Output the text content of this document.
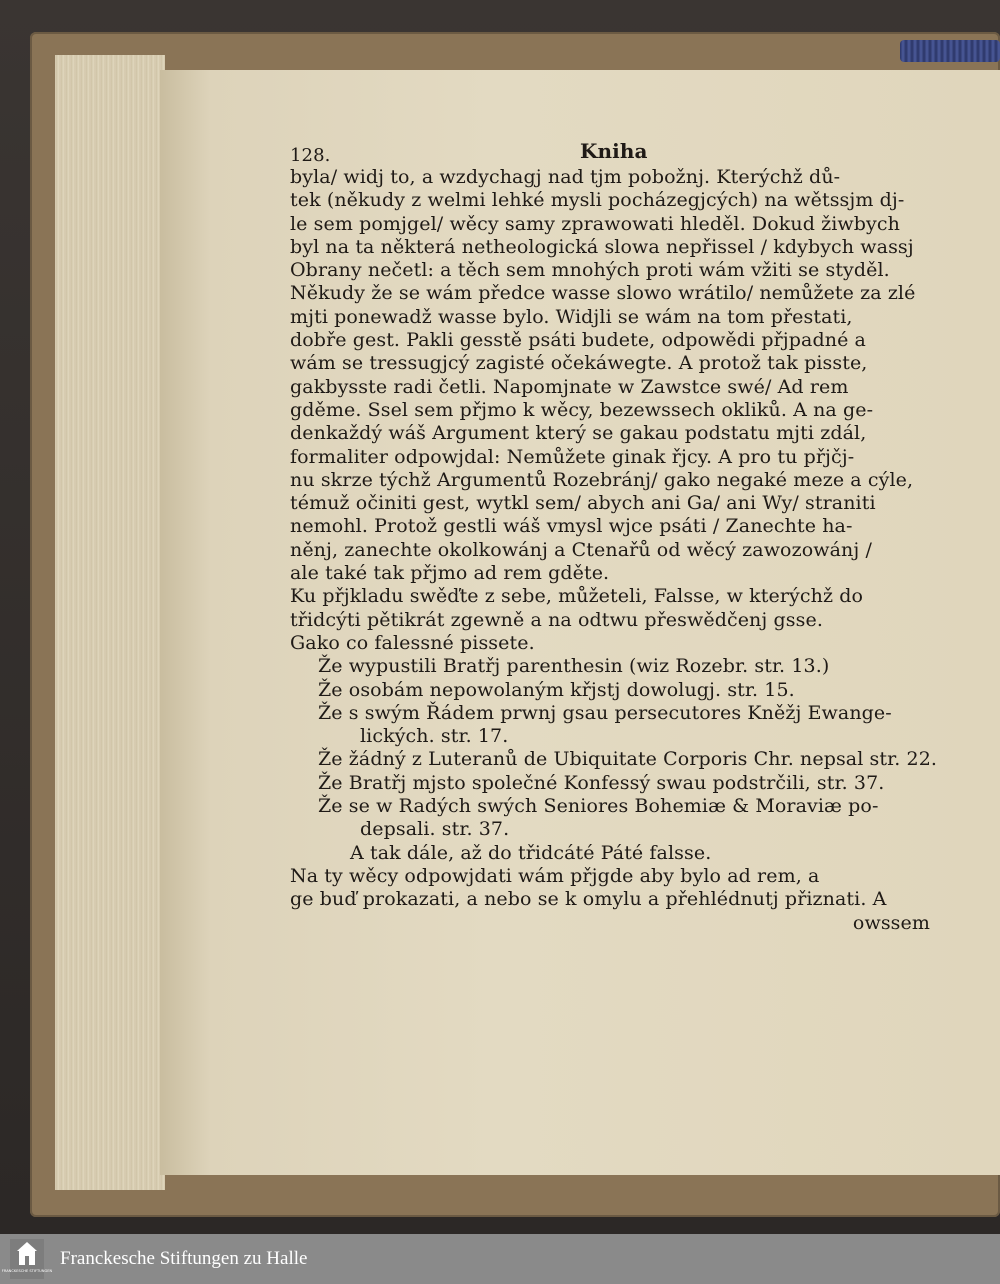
128.	Kniha
byla/ widj to, a wzdychagj nad tjm pobožnj. Kterýchž dů-
tek (někudy z welmi lehké mysli pocházegjcých) na wětssjm dj-
le sem pomjgel/ wěcy samy zprawowati hleděl. Dokud žiwbych
byl na ta některá netheologická slowa nepřissel / kdybych wassj
Obrany nečetl: a těch sem mnohých proti wám vžiti se styděl.
Někudy že se wám předce wasse slowo wrátilo/ nemůžete za zlé
mjti ponewadž wasse bylo. Widjli se wám na tom přestati,
dobře gest. Pakli gesstě psáti budete, odpowědi přjpadné a
wám se tressugjcý zagisté očekáwegte. A protož tak pisste,
gakbysste radi četli. Napomjnate w Zawstce swé/ Ad rem
gděme. Ssel sem přjmo k wěcy, bezewssech okliků. A na ge-
denkaždý wáš Argument který se gakau podstatu mjti zdál,
formaliter odpowjdal: Nemůžete ginak řjcy. A pro tu přjčj-
nu skrze týchž Argumentů Rozebránj/ gako negaké meze a cýle,
témuž očiniti gest, wytkl sem/ abych ani Ga/ ani Wy/ straniti
nemohl. Protož gestli wáš vmysl wjce psáti / Zanechte ha-
něnj, zanechte okolkowánj a Ctenařů od wěcý zawozowánj /
ale také tak přjmo ad rem gděte.
Ku přjkladu swěďte z sebe, můžeteli, Falsse, w kterýchž do
třidcýti pětikrát zgewně a na odtwu přeswědčenj gsse.
Gako co falessné pissete.
Že wypustili Bratřj parenthesin (wiz Rozebr. str. 13.)
Že osobám nepowolaným křjstj dowolugj. str. 15.
Že s swým Řádem prwnj gsau persecutores Kněžj Ewange-
lických. str. 17.
Že žádný z Luteranů de Ubiquitate Corporis Chr. nepsal str. 22.
Že Bratřj mjsto společné Konfessý swau podstrčili, str. 37.
Že se w Radých swých Seniores Bohemiæ & Moraviæ po-
depsali. str. 37.
A tak dále, až do třidcáté Páté falsse.
Na ty wěcy odpowjdati wám přjgde aby bylo ad rem, a
ge buď prokazati, a nebo se k omylu a přehlédnutj přiznati. A
owssem
FRANCKESCHE STIFTUNGEN
Franckesche Stiftungen zu Halle
